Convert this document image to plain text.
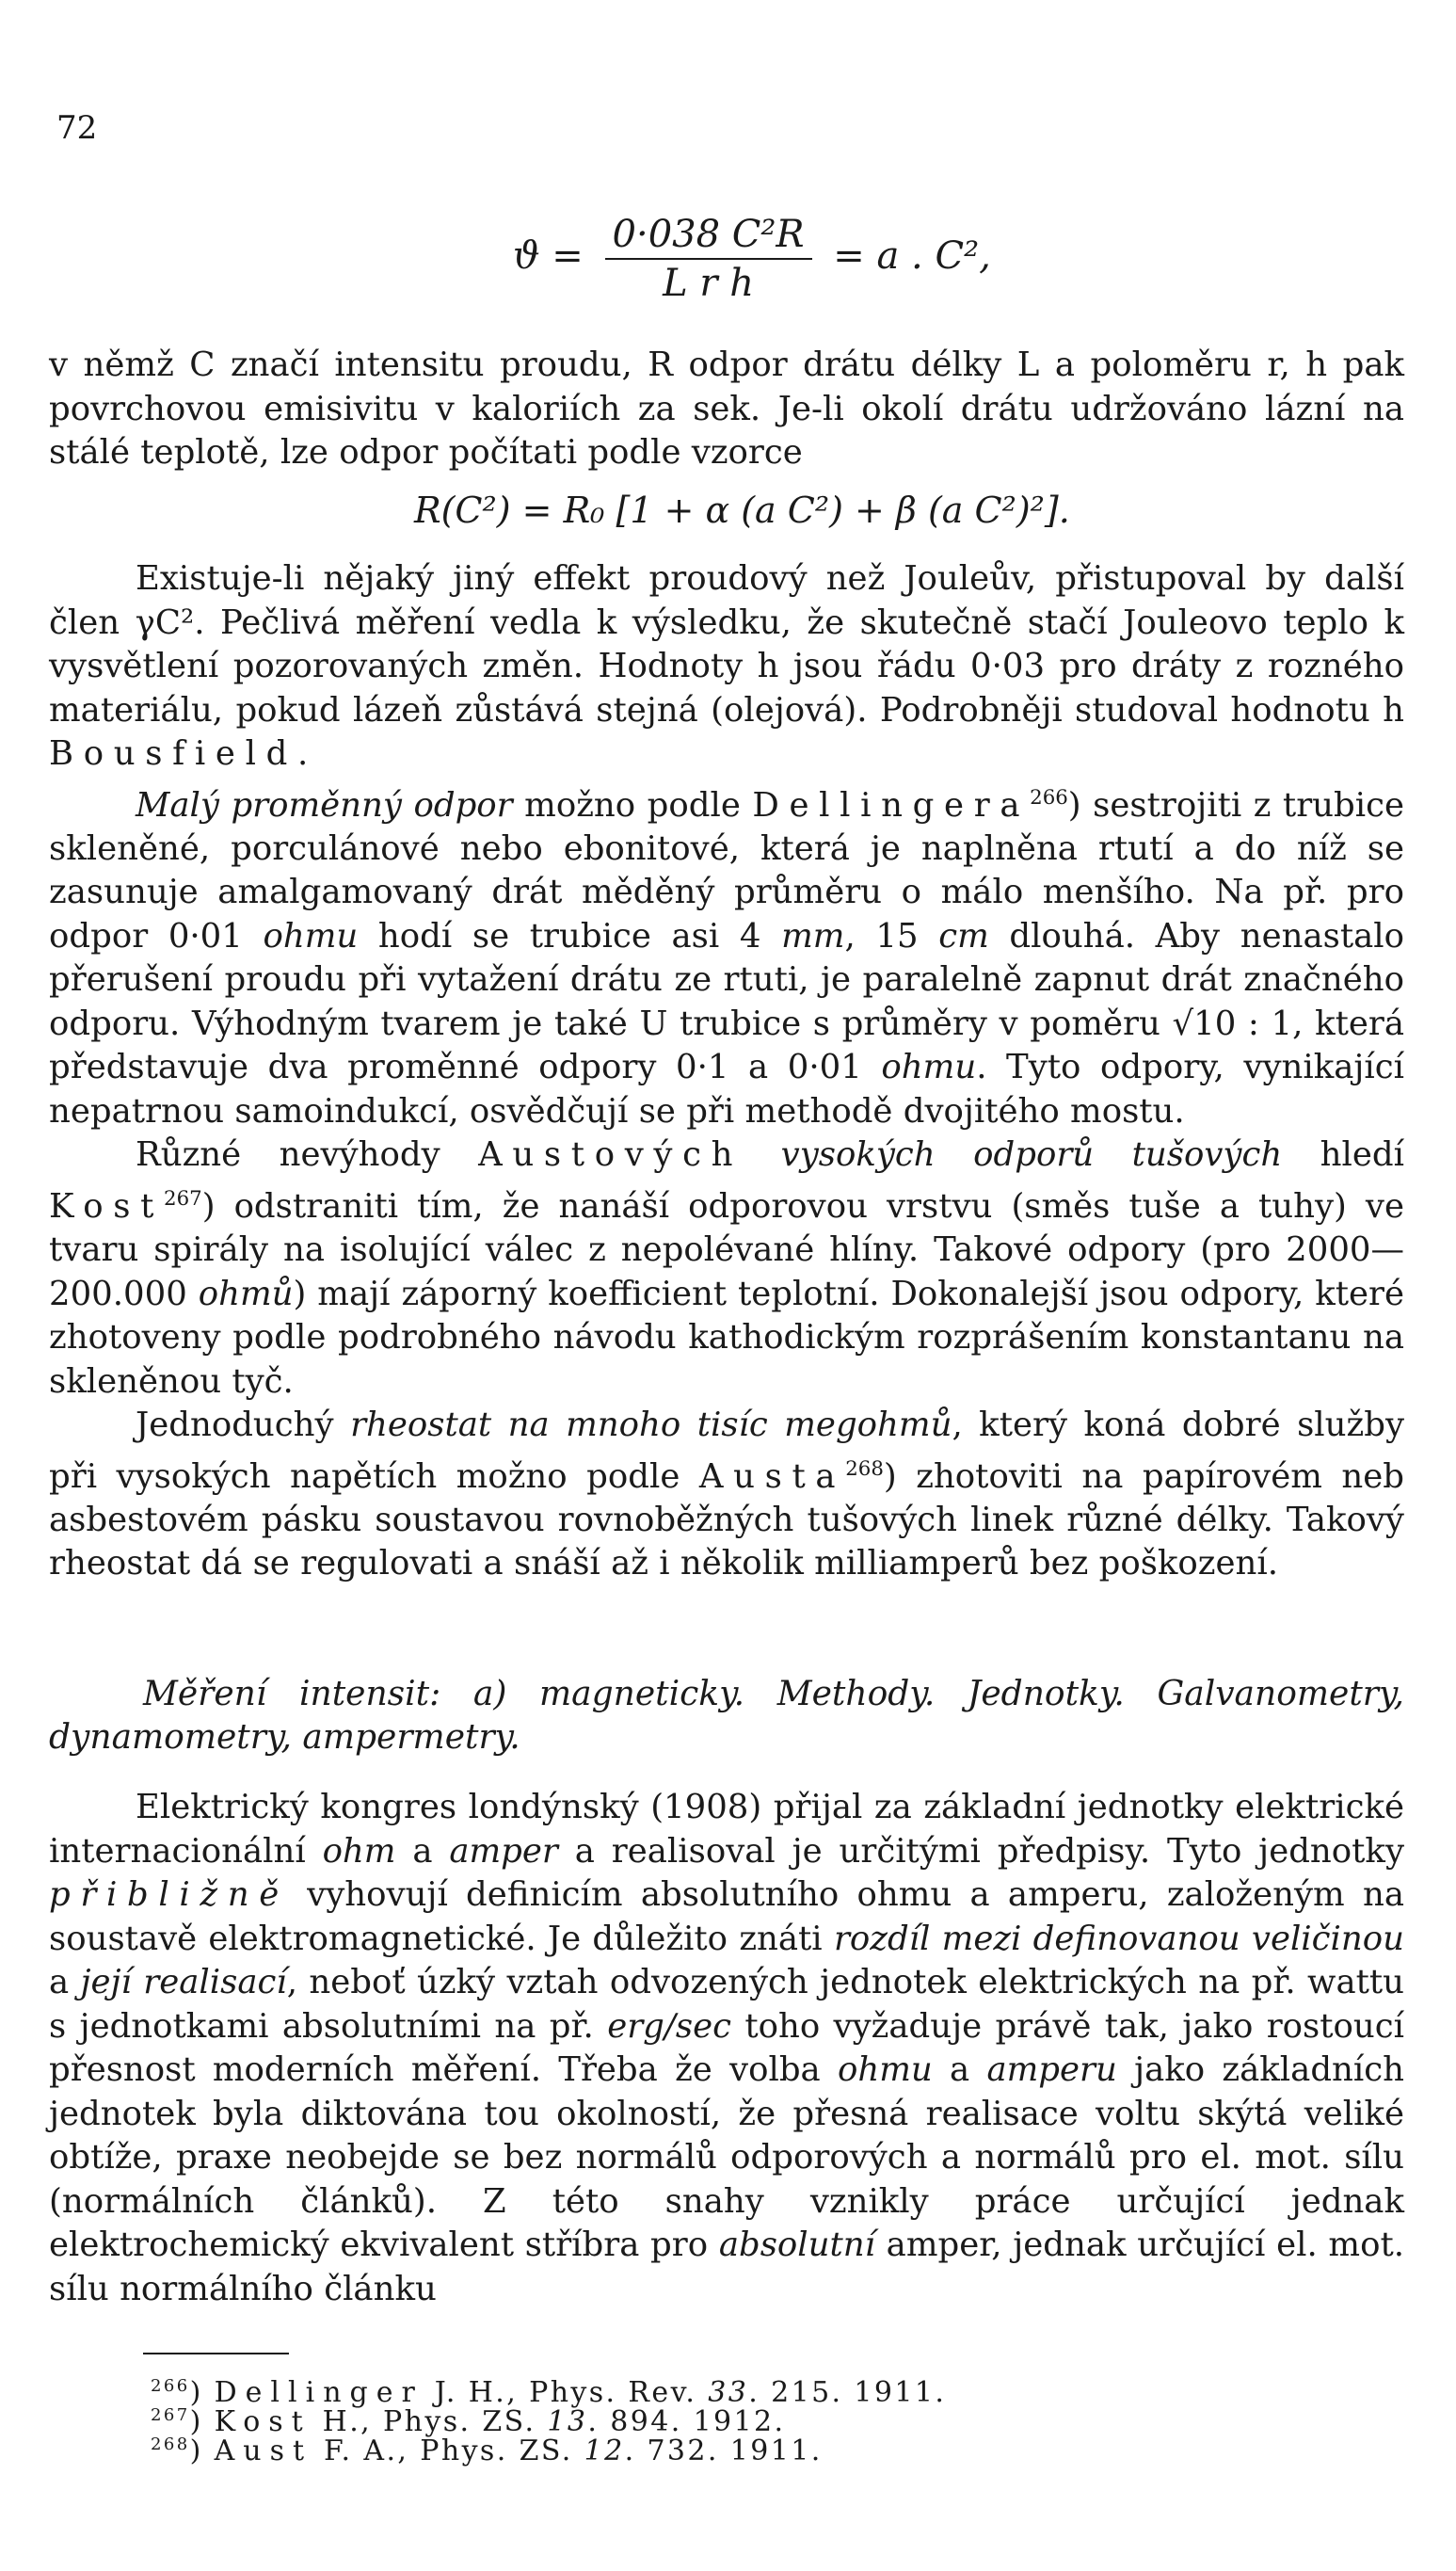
72
$ϑ = \frac{\text{0·038 C²R}}{\text{L r h}} = a$ . C²,

v němž C značí intensitu proudu, R odpor drátu délky L a poloměru r, h pak povrchovou emisivitu v kaloriích za sek. Je-li okolí drátu udržováno lázní na stálé teplotě, lze odpor počítati podle vzorce

R(C²) = R₀ [1 + α (a C²) + β (a C²)²].

Existuje-li nějaký jiný effekt proudový než Jouleův, přistupoval by další člen γC². Pečlivá měření vedla k výsledku, že skutečně stačí Jouleovo teplo k vysvětlení pozorovaných změn. Hodnoty h jsou řádu 0·03 pro dráty z rozného materiálu, pokud lázeň zůstává stejná (olejová). Podrobněji studoval hodnotu h Bousfield.

Malý proměnný odpor možno podle Dellingera$^{266}$) sestrojiti z trubice skleněné, porculánové nebo ebonitové, která je naplněna rtutí a do níž se zasunuje amalgamovaný drát měděný průměru o málo menšího. Na př. pro odpor 0·01 ohmu hodí se trubice asi 4 mm, 15 cm dlouhá. Aby nenastalo přerušení proudu při vytažení drátu ze rtuti, je paralelně zapnut drát značného odporu. Výhodným tvarem je také U trubice s průměry v poměru √10 : 1, která představuje dva proměnné odpory 0·1 a 0·01 ohmu. Tyto odpory, vynikající nepatrnou samoindukcí, osvědčují se při methodě dvojitého mostu.

Různé nevýhody Austových vysokých odporů tušových hledí Kost$^{267}$) odstraniti tím, že nanáší odporovou vrstvu (směs tuše a tuhy) ve tvaru spirály na isolující válec z nepolévané hlíny. Takové odpory (pro 2000—200.000 ohmů) mají záporný koefficient teplotní. Dokonalejší jsou odpory, které zhotoveny podle podrobného návodu kathodickým rozprášením konstantanu na skleněnou tyč.

Jednoduchý rheostat na mnoho tisíc megohmů, který koná dobré služby při vysokých napětích možno podle Austa$^{268}$) zhotoviti na papírovém neb asbestovém pásku soustavou rovnoběžných tušových linek různé délky. Takový rheostat dá se regulovati a snáší až i několik milliamperů bez poškození.

Měření intensit: a) magneticky. Methody. Jednotky. Galvanometry, dynamometry, ampermetry.

Elektrický kongres londýnský (1908) přijal za základní jednotky elektrické internacionální ohm a amper a realisoval je určitými předpisy. Tyto jednotky přibližně vyhovují definicím absolutního ohmu a amperu, založeným na soustavě elektromagnetické. Je důležito znáti rozdíl mezi definovanou veličinou a její realisací, neboť úzký vztah odvozených jednotek elektrických na př. wattu s jednotkami absolutními na př. erg/sec toho vyžaduje právě tak, jako rostoucí přesnost moderních měření. Třeba že volba ohmu a amperu jako základních jednotek byla diktována tou okolností, že přesná realisace voltu skýtá veliké obtíže, praxe neobejde se bez normálů odporových a normálů pro el. mot. sílu (normálních článků). Z této snahy vznikly práce určující jednak elektrochemický ekvivalent stříbra pro absolutní amper, jednak určující el. mot. sílu normálního článku

$^{266}$) Dellinger J. H., Phys. Rev. 33. 215. 1911.
$^{267}$) Kost H., Phys. ZS. 13. 894. 1912.
$^{268}$) Aust F. A., Phys. ZS. 12. 732. 1911.
